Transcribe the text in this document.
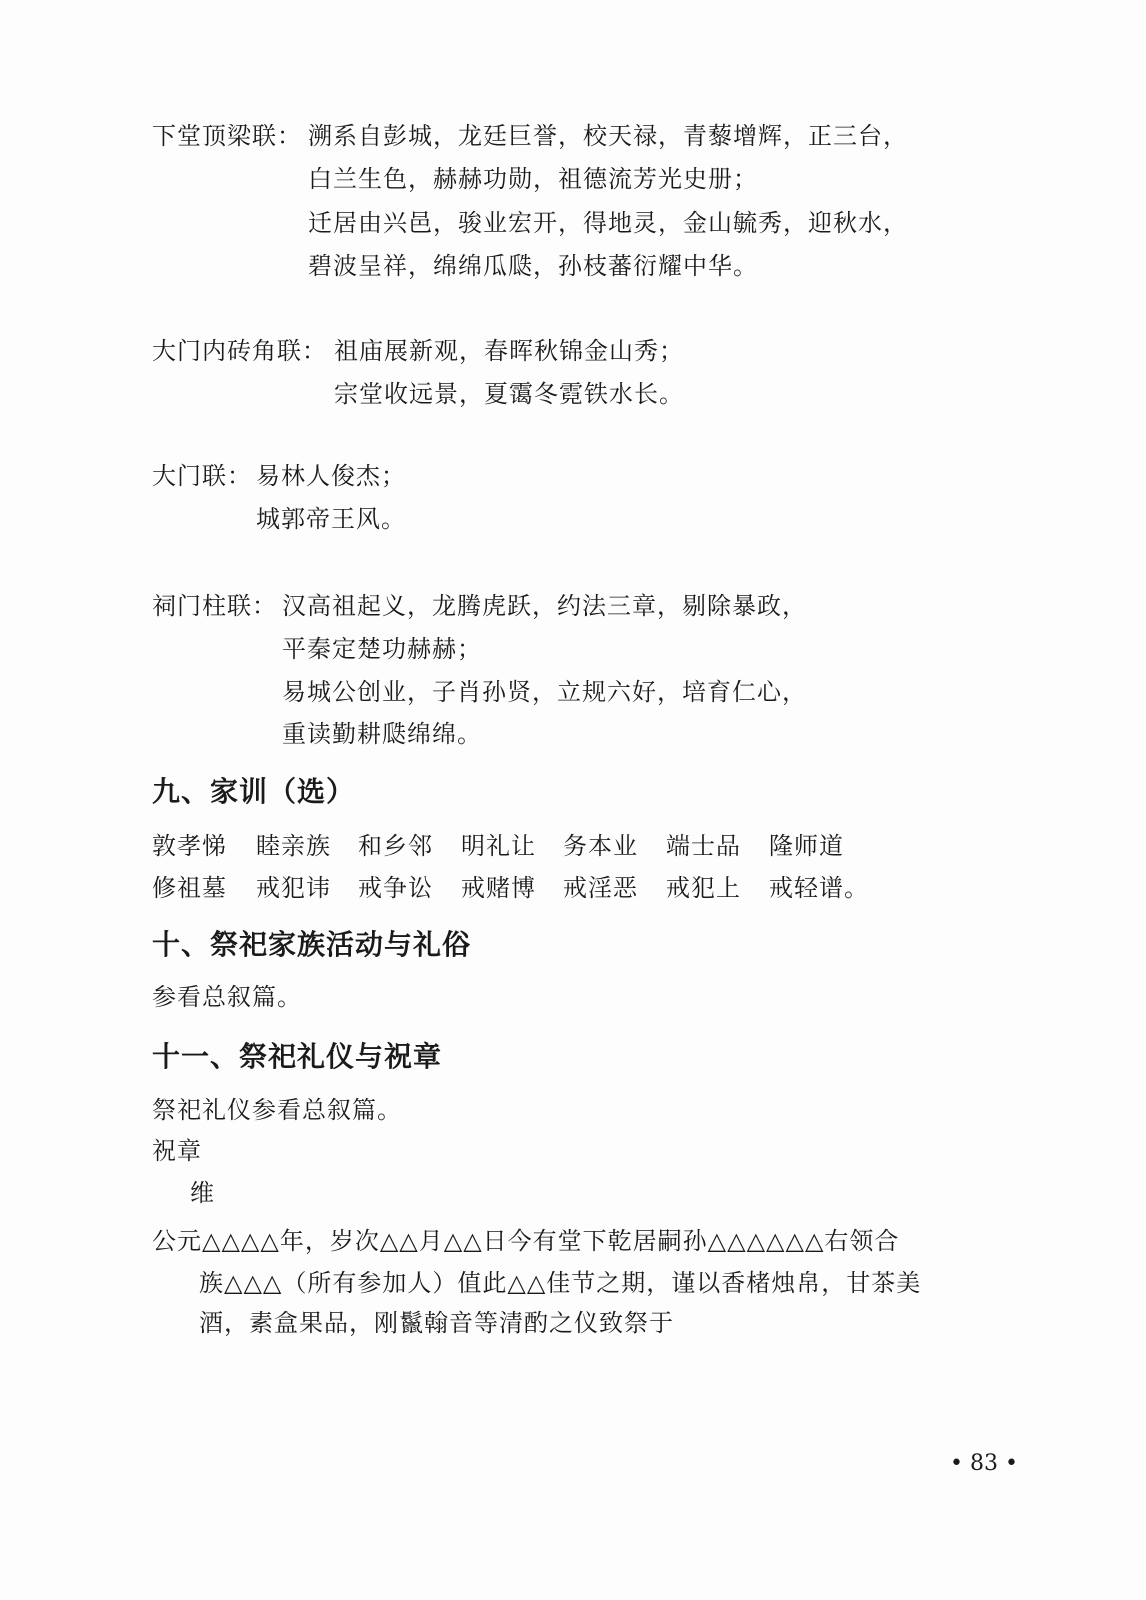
下堂顶梁联： 溯系自彭城，龙廷巨誉，校天禄，青藜增辉，正三台，
白兰生色，赫赫功勋，祖德流芳光史册；
迁居由兴邑，骏业宏开，得地灵，金山毓秀，迎秋水，
碧波呈祥，绵绵瓜瓞，孙枝蕃衍耀中华。
大门内砖角联： 祖庙展新观，春晖秋锦金山秀；
宗堂收远景，夏霭冬霓铁水长。
大门联： 易林人俊杰；
城郭帝王风。
祠门柱联： 汉高祖起义，龙腾虎跃，约法三章，剔除暴政，
平秦定楚功赫赫；
易城公创业，子肖孙贤，立规六好，培育仁心，
重读勤耕瓞绵绵。
九、家训（选）
敦孝悌 睦亲族 和乡邻 明礼让 务本业 端士品 隆师道
修祖墓 戒犯讳 戒争讼 戒赌博 戒淫恶 戒犯上 戒轻谱。
十、祭祀家族活动与礼俗
参看总叙篇。
十一、祭祀礼仪与祝章
祭祀礼仪参看总叙篇。
祝章
维
公元△△△△年，岁次△△月△△日今有堂下乾居嗣孙△△△△△△右领合
族△△△（所有参加人）值此△△佳节之期，谨以香楮烛帛，甘茶美
酒，素盒果品，刚鬣翰音等清酌之仪致祭于
• 83 •
